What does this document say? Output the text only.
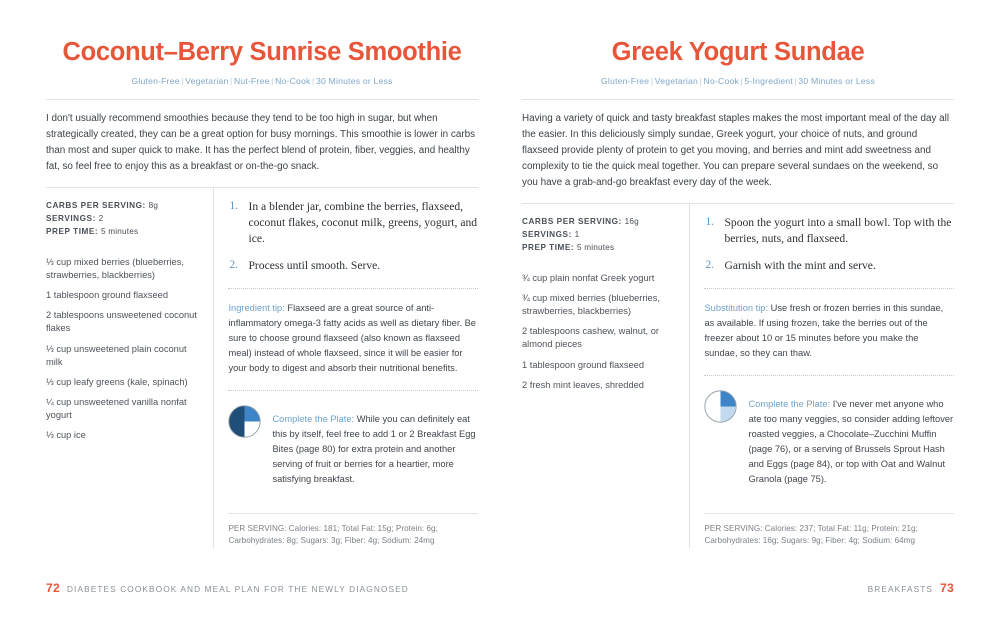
Coconut–Berry Sunrise Smoothie
Gluten-Free | Vegetarian | Nut-Free | No-Cook | 30 Minutes or Less

I don't usually recommend smoothies because they tend to be too high in sugar, but when strategically created, they can be a great option for busy mornings. This smoothie is lower in carbs than most and super quick to make. It has the perfect blend of protein, fiber, veggies, and healthy fat, so feel free to enjoy this as a breakfast or on-the-go snack.

CARBS PER SERVING: 8g
SERVINGS: 2
PREP TIME: 5 minutes
⅓ cup mixed berries (blueberries, strawberries, blackberries)
1 tablespoon ground flaxseed
2 tablespoons unsweetened coconut flakes
⅓ cup unsweetened plain coconut milk
⅓ cup leafy greens (kale, spinach)
¼ cup unsweetened vanilla nonfat yogurt
⅓ cup ice
In a blender jar, combine the berries, flaxseed, coconut flakes, coconut milk, greens, yogurt, and ice.
Process until smooth. Serve.

Ingredient tip: Flaxseed are a great source of anti-inflammatory omega-3 fatty acids as well as dietary fiber. Be sure to choose ground flaxseed (also known as flaxseed meal) instead of whole flaxseed, since it will be easier for your body to digest and absorb their nutritional benefits.

Complete the Plate: While you can definitely eat this by itself, feel free to add 1 or 2 Breakfast Egg Bites (page 80) for extra protein and another serving of fruit or berries for a heartier, more satisfying breakfast.

PER SERVING: Calories: 181; Total Fat: 15g; Protein: 6g; Carbohydrates: 8g; Sugars: 3g; Fiber: 4g; Sodium: 24mg

72 DIABETES COOKBOOK AND MEAL PLAN FOR THE NEWLY DIAGNOSED
Greek Yogurt Sundae
Gluten-Free | Vegetarian | No-Cook | 5-Ingredient | 30 Minutes or Less

Having a variety of quick and tasty breakfast staples makes the most important meal of the day all the easier. In this deliciously simply sundae, Greek yogurt, your choice of nuts, and ground flaxseed provide plenty of protein to get you moving, and berries and mint add sweetness and complexity to tie the quick meal together. You can prepare several sundaes on the weekend, so you have a grab-and-go breakfast every day of the week.

CARBS PER SERVING: 16g
SERVINGS: 1
PREP TIME: 5 minutes
¾ cup plain nonfat Greek yogurt
¾ cup mixed berries (blueberries, strawberries, blackberries)
2 tablespoons cashew, walnut, or almond pieces
1 tablespoon ground flaxseed
2 fresh mint leaves, shredded
Spoon the yogurt into a small bowl. Top with the berries, nuts, and flaxseed.
Garnish with the mint and serve.

Substitution tip: Use fresh or frozen berries in this sundae, as available. If using frozen, take the berries out of the freezer about 10 or 15 minutes before you make the sundae, so they can thaw.

Complete the Plate: I've never met anyone who ate too many veggies, so consider adding leftover roasted veggies, a Chocolate–Zucchini Muffin (page 76), or a serving of Brussels Sprout Hash and Eggs (page 84), or top with Oat and Walnut Granola (page 75).

PER SERVING: Calories: 237; Total Fat: 11g; Protein: 21g; Carbohydrates: 16g; Sugars: 9g; Fiber: 4g; Sodium: 64mg

BREAKFASTS 73
